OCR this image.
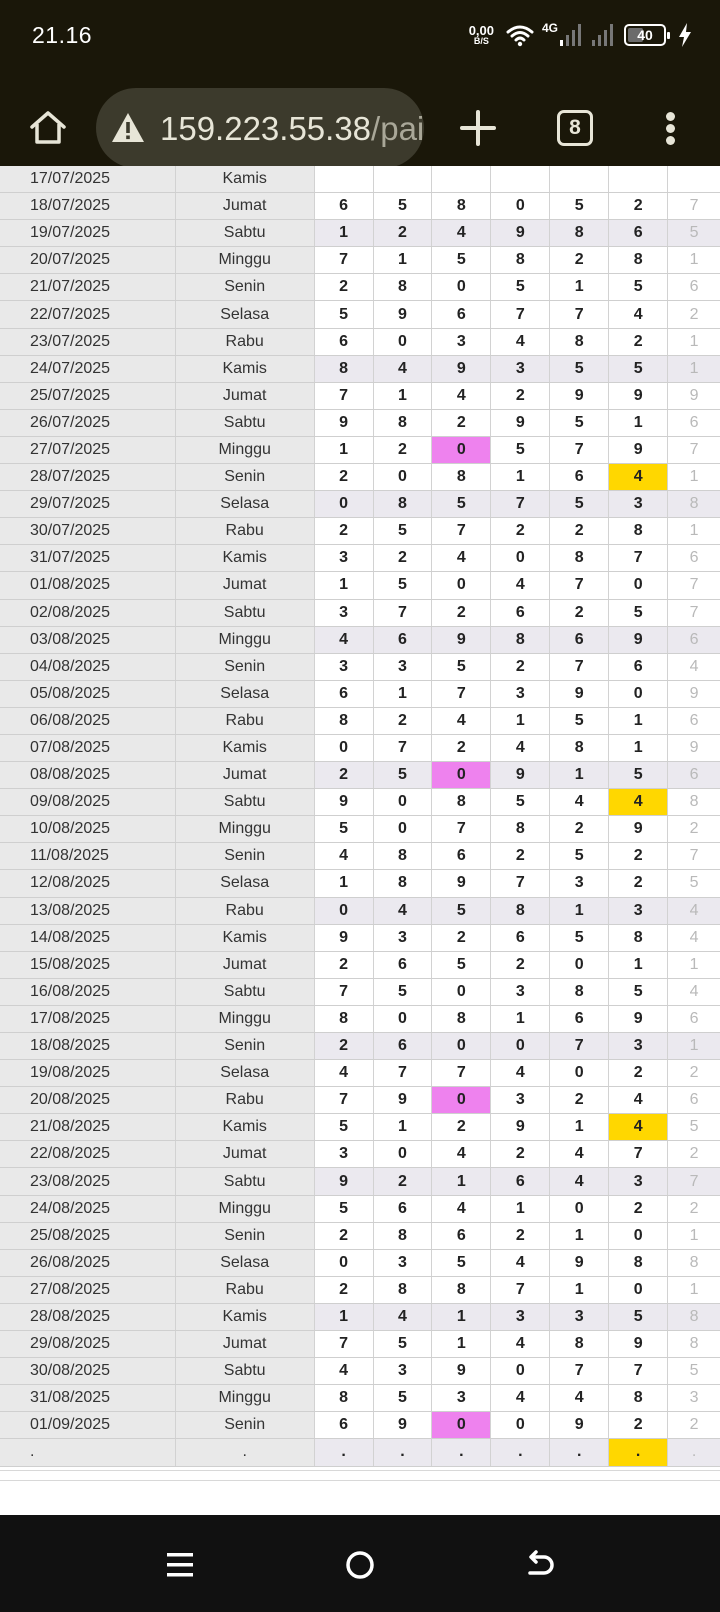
21.16	0,00
B/S
4G	40
159.223.55.38/pai	8
17/07/2025	Kamis
18/07/2025	Jumat	6	5	8	0	5	2	7
19/07/2025	Sabtu	1	2	4	9	8	6	5
20/07/2025	Minggu	7	1	5	8	2	8	1
21/07/2025	Senin	2	8	0	5	1	5	6
22/07/2025	Selasa	5	9	6	7	7	4	2
23/07/2025	Rabu	6	0	3	4	8	2	1
24/07/2025	Kamis	8	4	9	3	5	5	1
25/07/2025	Jumat	7	1	4	2	9	9	9
26/07/2025	Sabtu	9	8	2	9	5	1	6
27/07/2025	Minggu	1	2	0	5	7	9	7
28/07/2025	Senin	2	0	8	1	6	4	1
29/07/2025	Selasa	0	8	5	7	5	3	8
30/07/2025	Rabu	2	5	7	2	2	8	1
31/07/2025	Kamis	3	2	4	0	8	7	6
01/08/2025	Jumat	1	5	0	4	7	0	7
02/08/2025	Sabtu	3	7	2	6	2	5	7
03/08/2025	Minggu	4	6	9	8	6	9	6
04/08/2025	Senin	3	3	5	2	7	6	4
05/08/2025	Selasa	6	1	7	3	9	0	9
06/08/2025	Rabu	8	2	4	1	5	1	6
07/08/2025	Kamis	0	7	2	4	8	1	9
08/08/2025	Jumat	2	5	0	9	1	5	6
09/08/2025	Sabtu	9	0	8	5	4	4	8
10/08/2025	Minggu	5	0	7	8	2	9	2
11/08/2025	Senin	4	8	6	2	5	2	7
12/08/2025	Selasa	1	8	9	7	3	2	5
13/08/2025	Rabu	0	4	5	8	1	3	4
14/08/2025	Kamis	9	3	2	6	5	8	4
15/08/2025	Jumat	2	6	5	2	0	1	1
16/08/2025	Sabtu	7	5	0	3	8	5	4
17/08/2025	Minggu	8	0	8	1	6	9	6
18/08/2025	Senin	2	6	0	0	7	3	1
19/08/2025	Selasa	4	7	7	4	0	2	2
20/08/2025	Rabu	7	9	0	3	2	4	6
21/08/2025	Kamis	5	1	2	9	1	4	5
22/08/2025	Jumat	3	0	4	2	4	7	2
23/08/2025	Sabtu	9	2	1	6	4	3	7
24/08/2025	Minggu	5	6	4	1	0	2	2
25/08/2025	Senin	2	8	6	2	1	0	1
26/08/2025	Selasa	0	3	5	4	9	8	8
27/08/2025	Rabu	2	8	8	7	1	0	1
28/08/2025	Kamis	1	4	1	3	3	5	8
29/08/2025	Jumat	7	5	1	4	8	9	8
30/08/2025	Sabtu	4	3	9	0	7	7	5
31/08/2025	Minggu	8	5	3	4	4	8	3
01/09/2025	Senin	6	9	0	0	9	2	2
.	.	.	.	.	.	.	.	.
